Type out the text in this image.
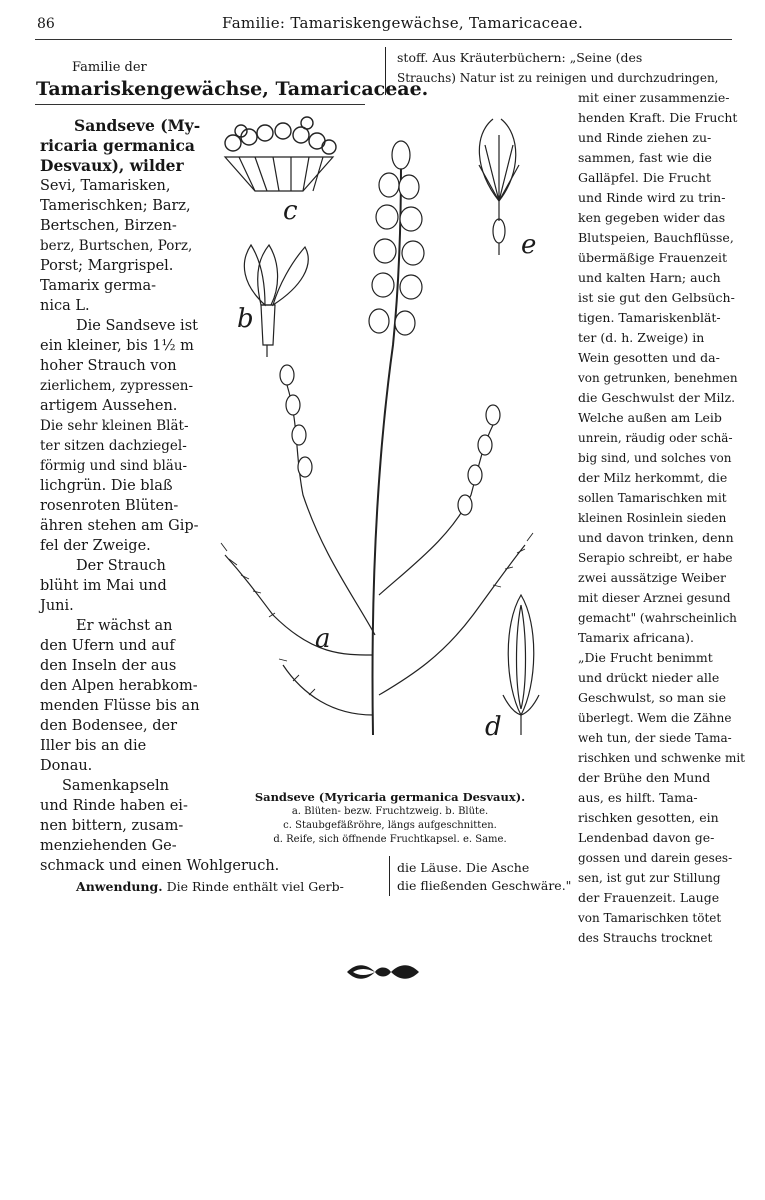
86	Familie: Tamariskengewächse, Tamaricaceae.
Familie der
Tamariskengewächse, Tamaricaceae.
Sandseve (My-
ricaria germanica
Desvaux), wilder
Sevi, Tamarisken,
Tamerischken; Barz,
Bertschen, Birzen-
berz, Burtschen, Porz,
Porst; Margrispel.
Tamarix germa-
nica L.
Die Sandseve ist
ein kleiner, bis 1½ m
hoher Strauch von
zierlichem, zypressen-
artigem Aussehen.
Die sehr kleinen Blät-
ter sitzen dachziegel-
förmig und sind bläu-
lichgrün. Die blaß
rosenroten Blüten-
ähren stehen am Gip-
fel der Zweige.
Der Strauch
blüht im Mai und
Juni.
Er wächst an
den Ufern und auf
den Inseln der aus
den Alpen herabkom-
menden Flüsse bis an
den Bodensee, der
Iller bis an die
Donau.
Samenkapseln
und Rinde haben ei-
nen bittern, zusam-
menziehenden Ge-
schmack und einen Wohlgeruch.
Anwendung. Die Rinde enthält viel Gerb-
stoff. Aus Kräuterbüchern: „Seine (des
Strauchs) Natur ist zu reinigen und durchzudringen,
mit einer zusammenzie-
henden Kraft. Die Frucht
und Rinde ziehen zu-
sammen, fast wie die
Galläpfel. Die Frucht
und Rinde wird zu trin-
ken gegeben wider das
Blutspeien, Bauchflüsse,
übermäßige Frauenzeit
und kalten Harn; auch
ist sie gut den Gelbsüch-
tigen. Tamariskenblät-
ter (d. h. Zweige) in
Wein gesotten und da-
von getrunken, benehmen
die Geschwulst der Milz.
Welche außen am Leib
unrein, räudig oder schä-
big sind, und solches von
der Milz herkommt, die
sollen Tamarischken mit
kleinen Rosinlein sieden
und davon trinken, denn
Serapio schreibt, er habe
zwei aussätzige Weiber
mit dieser Arznei gesund
gemacht" (wahrscheinlich
Tamarix africana).
„Die Frucht benimmt
und drückt nieder alle
Geschwulst, so man sie
überlegt. Wem die Zähne
weh tun, der siede Tama-
rischken und schwenke mit
der Brühe den Mund
aus, es hilft. Tama-
rischken gesotten, ein
Lendenbad davon ge-
gossen und darein geses-
sen, ist gut zur Stillung
der Frauenzeit. Lauge
von Tamarischken tötet
des Strauchs trocknet
die Läuse. Die Asche
die fließenden Geschwäre."
c
b
e
a
d
Sandseve (Myricaria germanica Desvaux).
a. Blüten- bezw. Fruchtzweig. b. Blüte.
c. Staubgefäßröhre, längs aufgeschnitten.
d. Reife, sich öffnende Fruchtkapsel. e. Same.
